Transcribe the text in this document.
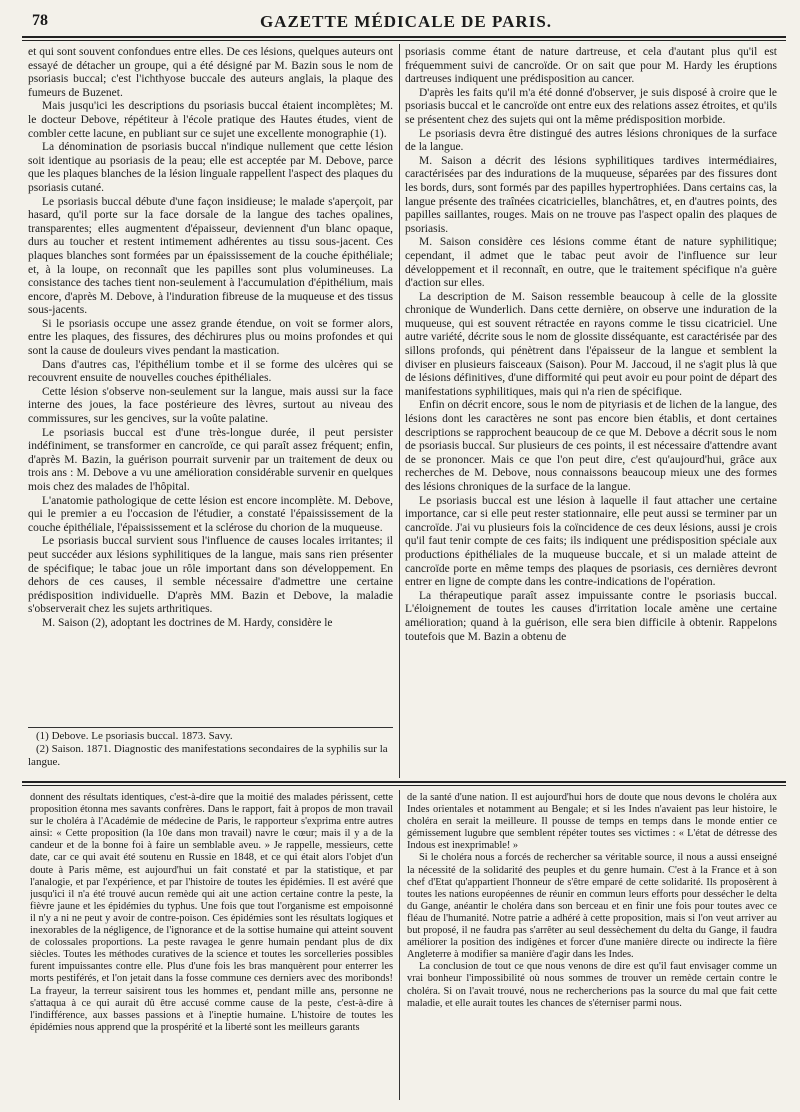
78	GAZETTE MÉDICALE DE PARIS.

et qui sont souvent confondues entre elles. De ces lésions, quelques auteurs ont essayé de détacher un groupe, qui a été désigné par M. Bazin sous le nom de psoriasis buccal; c'est l'ichthyose buccale des auteurs anglais, la plaque des fumeurs de Buzenet.

Mais jusqu'ici les descriptions du psoriasis buccal étaient incomplètes; M. le docteur Debove, répétiteur à l'école pratique des Hautes études, vient de combler cette lacune, en publiant sur ce sujet une excellente monographie (1).

La dénomination de psoriasis buccal n'indique nullement que cette lésion soit identique au psoriasis de la peau; elle est acceptée par M. Debove, parce que les plaques blanches de la lésion linguale rappellent l'aspect des plaques du psoriasis cutané.

Le psoriasis buccal débute d'une façon insidieuse; le malade s'aperçoit, par hasard, qu'il porte sur la face dorsale de la langue des taches opalines, transparentes; elles augmentent d'épaisseur, deviennent d'un blanc opaque, durs au toucher et restent intimement adhérentes au tissu sous-jacent. Ces plaques blanches sont formées par un épaississement de la couche épithéliale; et, à la loupe, on reconnaît que les papilles sont plus volumineuses. La consistance des taches tient non-seulement à l'accumulation d'épithélium, mais encore, d'après M. Debove, à l'induration fibreuse de la muqueuse et des tissus sous-jacents.

Si le psoriasis occupe une assez grande étendue, on voit se former alors, entre les plaques, des fissures, des déchirures plus ou moins profondes et qui sont la cause de douleurs vives pendant la mastication.

Dans d'autres cas, l'épithélium tombe et il se forme des ulcères qui se recouvrent ensuite de nouvelles couches épithéliales.

Cette lésion s'observe non-seulement sur la langue, mais aussi sur la face interne des joues, la face postérieure des lèvres, surtout au niveau des commissures, sur les gencives, sur la voûte palatine.

Le psoriasis buccal est d'une très-longue durée, il peut persister indéfiniment, se transformer en cancroïde, ce qui paraît assez fréquent; enfin, d'après M. Bazin, la guérison pourrait survenir par un traitement de deux ou trois ans : M. Debove a vu une amélioration considérable survenir en quelques mois chez des malades de l'hôpital.

L'anatomie pathologique de cette lésion est encore incomplète. M. Debove, qui le premier a eu l'occasion de l'étudier, a constaté l'épaississement de la couche épithéliale, l'épaississement et la sclérose du chorion de la muqueuse.

Le psoriasis buccal survient sous l'influence de causes locales irritantes; il peut succéder aux lésions syphilitiques de la langue, mais sans rien présenter de spécifique; le tabac joue un rôle important dans son développement. En dehors de ces causes, il semble nécessaire d'admettre une certaine prédisposition individuelle. D'après MM. Bazin et Debove, la maladie s'observerait chez les sujets arthritiques.

M. Saison (2), adoptant les doctrines de M. Hardy, considère le

(1) Debove. Le psoriasis buccal. 1873. Savy.

(2) Saison. 1871. Diagnostic des manifestations secondaires de la syphilis sur la langue.

psoriasis comme étant de nature dartreuse, et cela d'autant plus qu'il est fréquemment suivi de cancroïde. Or on sait que pour M. Hardy les éruptions dartreuses indiquent une prédisposition au cancer.

D'après les faits qu'il m'a été donné d'observer, je suis disposé à croire que le psoriasis buccal et le cancroïde ont entre eux des relations assez étroites, et qu'ils se présentent chez des sujets qui ont la même prédisposition morbide.

Le psoriasis devra être distingué des autres lésions chroniques de la surface de la langue.

M. Saison a décrit des lésions syphilitiques tardives intermédiaires, caractérisées par des indurations de la muqueuse, séparées par des fissures dont les bords, durs, sont formés par des papilles hypertrophiées. Dans certains cas, la langue présente des traînées cicatricielles, blanchâtres, et, en d'autres points, des papilles saillantes, rouges. Mais on ne trouve pas l'aspect opalin des plaques de psoriasis.

M. Saison considère ces lésions comme étant de nature syphilitique; cependant, il admet que le tabac peut avoir de l'influence sur leur développement et il reconnaît, en outre, que le traitement spécifique n'a guère d'action sur elles.

La description de M. Saison ressemble beaucoup à celle de la glossite chronique de Wunderlich. Dans cette dernière, on observe une induration de la muqueuse, qui est souvent rétractée en rayons comme le tissu cicatriciel. Une autre variété, décrite sous le nom de glossite disséquante, est caractérisée par des sillons profonds, qui pénètrent dans l'épaisseur de la langue et semblent la diviser en plusieurs faisceaux (Saison). Pour M. Jaccoud, il ne s'agit plus là que de lésions définitives, d'une difformité qui peut avoir eu pour point de départ des manifestations syphilitiques, mais qui n'a rien de spécifique.

Enfin on décrit encore, sous le nom de pityriasis et de lichen de la langue, des lésions dont les caractères ne sont pas encore bien établis, et dont certaines descriptions se rapprochent beaucoup de ce que M. Debove a décrit sous le nom de psoriasis buccal. Sur plusieurs de ces points, il est nécessaire d'attendre avant de se prononcer. Mais ce que l'on peut dire, c'est qu'aujourd'hui, grâce aux recherches de M. Debove, nous connaissons beaucoup mieux une des formes des lésions chroniques de la surface de la langue.

Le psoriasis buccal est une lésion à laquelle il faut attacher une certaine importance, car si elle peut rester stationnaire, elle peut aussi se terminer par un cancroïde. J'ai vu plusieurs fois la coïncidence de ces deux lésions, aussi je crois qu'il faut tenir compte de ces faits; ils indiquent une prédisposition spéciale aux productions épithéliales de la muqueuse buccale, et si un malade atteint de cancroïde porte en même temps des plaques de psoriasis, ces dernières devront entrer en ligne de compte dans les contre-indications de l'opération.

La thérapeutique paraît assez impuissante contre le psoriasis buccal. L'éloignement de toutes les causes d'irritation locale amène une certaine amélioration; quand à la guérison, elle sera bien difficile à obtenir. Rappelons toutefois que M. Bazin a obtenu de

donnent des résultats identiques, c'est-à-dire que la moitié des malades périssent, cette proposition étonna mes savants confrères. Dans le rapport, fait à propos de mon travail sur le choléra à l'Académie de médecine de Paris, le rapporteur s'exprima entre autres ainsi: « Cette proposition (la 10e dans mon travail) navre le cœur; mais il y a de la candeur et de la bonne foi à faire un semblable aveu. » Je rappelle, messieurs, cette date, car ce qui avait été soutenu en Russie en 1848, et ce qui était alors l'objet d'un doute à Paris même, est aujourd'hui un fait constaté et par la statistique, et par l'analogie, et par l'expérience, et par l'histoire de toutes les épidémies. Il est avéré que jusqu'ici il n'a été trouvé aucun remède qui ait une action certaine contre la peste, la fièvre jaune et les épidémies du typhus. Une fois que tout l'organisme est empoisonné il n'y a ni ne peut y avoir de contre-poison. Ces épidémies sont les résultats logiques et inexorables de la négligence, de l'ignorance et de la sottise humaine qui atteint souvent de colossales proportions. La peste ravagea le genre humain pendant plus de dix siècles. Toutes les méthodes curatives de la science et toutes les sorcelleries possibles furent impuissantes contre elle. Plus d'une fois les bras manquèrent pour enterrer les morts pestiférés, et l'on jetait dans la fosse commune ces derniers avec des moribonds! La frayeur, la terreur saisirent tous les hommes et, pendant mille ans, personne ne s'attaqua à ce qui aurait dû être accusé comme cause de la peste, c'est-à-dire à l'indifférence, aux basses passions et à l'ineptie humaine. L'histoire de toutes les épidémies nous apprend que la prospérité et la liberté sont les meilleurs garants

de la santé d'une nation. Il est aujourd'hui hors de doute que nous devons le choléra aux Indes orientales et notamment au Bengale; et si les Indes n'avaient pas leur histoire, le choléra en serait la meilleure. Il pousse de temps en temps dans le monde entier ce gémissement lugubre que semblent répéter toutes ses victimes : « L'état de détresse des Indous est inexprimable! »

Si le choléra nous a forcés de rechercher sa véritable source, il nous a aussi enseigné la nécessité de la solidarité des peuples et du genre humain. C'est à la France et à son chef d'Etat qu'appartient l'honneur de s'être emparé de cette solidarité. Ils proposèrent à toutes les nations européennes de réunir en commun leurs efforts pour dessécher le delta du Gange, anéantir le choléra dans son berceau et en finir une fois pour toutes avec ce fléau de l'humanité. Notre patrie a adhéré à cette proposition, mais si l'on veut arriver au but proposé, il ne faudra pas s'arrêter au seul dessèchement du delta du Gange, il faudra améliorer la position des indigènes et forcer d'une manière directe ou indirecte la fière Angleterre à modifier sa manière d'agir dans les Indes.

La conclusion de tout ce que nous venons de dire est qu'il faut envisager comme un vrai bonheur l'impossibilité où nous sommes de trouver un remède certain contre le choléra. Si on l'avait trouvé, nous ne rechercherions pas la source du mal que fait cette maladie, et elle aurait toutes les chances de s'éterniser parmi nous.
